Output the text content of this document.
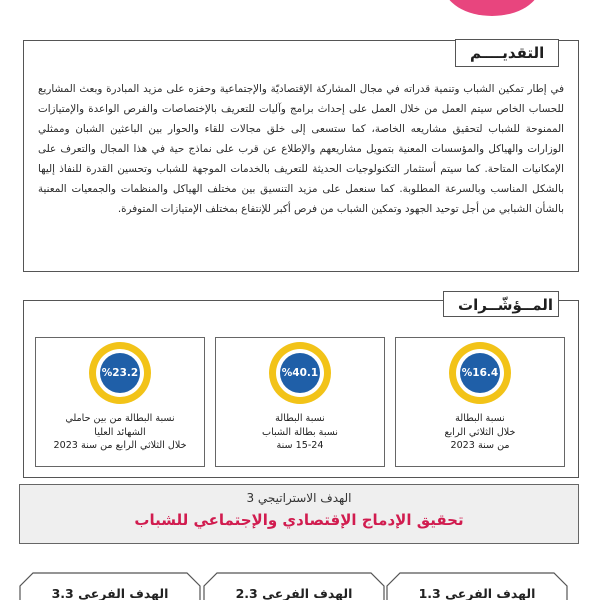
التقديــــم

في إطار تمكين الشباب وتنمية قدراته في مجال المشاركة الإقتصاديّة والإجتماعية وحفزه على مزيد المبادرة وبعث المشاريع للحساب الخاص سيتم العمل من خلال العمل على إحداث برامج وآليات للتعريف بالإختصاصات والفرص الواعدة والإمتيازات الممنوحة للشباب لتحقيق مشاريعه الخاصة، كما ستسعى إلى خلق مجالات للقاء والحوار بين الباعثين الشبان وممثلي الوزارات والهياكل والمؤسسات المعنية بتمويل مشاريعهم والإطلاع عن قرب على نماذج حية في هذا المجال والتعرف على الإمكانيات المتاحة. كما سيتم أستثمار التكنولوجيات الحديثة للتعريف بالخدمات الموجهة للشباب وتحسين القدرة للنفاذ إليها بالشكل المناسب وبالسرعة المطلوبة. كما سنعمل على مزيد التنسيق بين مختلف الهياكل والمنظمات والجمعيات المعنية بالشأن الشبابي من أجل توحيد الجهود وتمكين الشباب من فرص أكبر للإنتفاع بمختلف الإمتيازات المتوفرة.

المــؤشّــرات
%16.4
نسبة البطالة
خلال الثلاثي الرابع
من سنة 2023
%40.1
نسبة البطالة
نسبة بطالة الشباب
15-24 سنة
%23.2
نسبة البطالة من بين حاملي
الشهائد العليا
خلال الثلاثي الرابع من سنة 2023
الهدف الاستراتيجي 3
تحقيق الإدماج الإقتصادي والإجتماعي للشباب
الهدف الفرعي 1.3
الهدف الفرعي 2.3
الهدف الفرعي 3.3
